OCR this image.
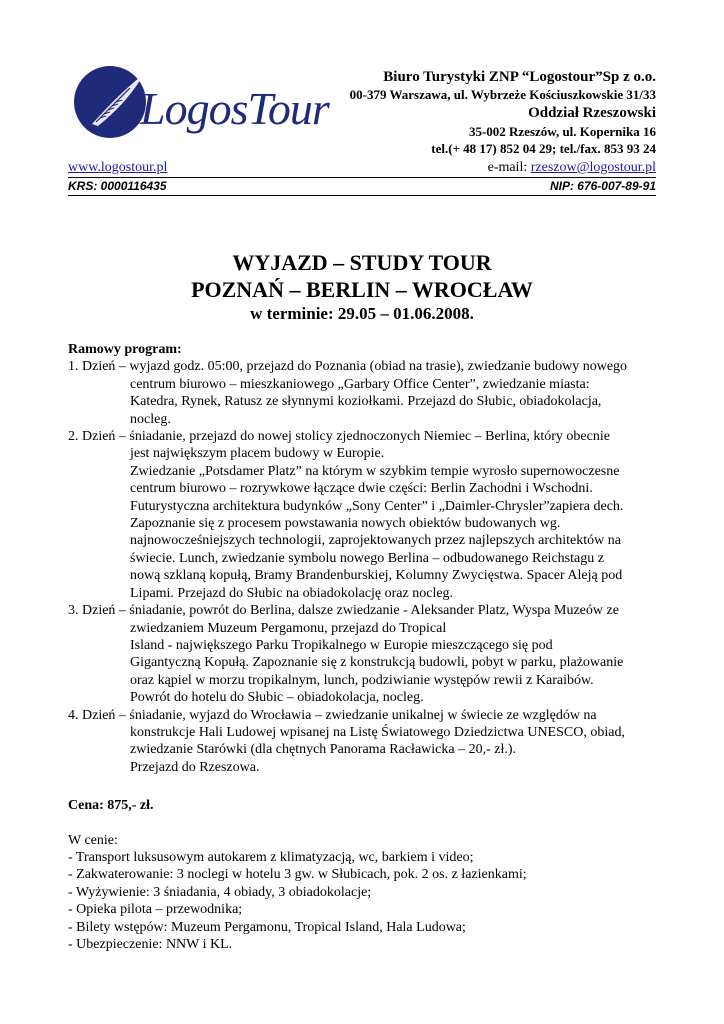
LogosTour
Biuro Turystyki ZNP “Logostour”Sp z o.o.
00-379 Warszawa, ul. Wybrzeże Kościuszkowskie 31/33
Oddział Rzeszowski
35-002 Rzeszów, ul. Kopernika 16
tel.(+ 48 17) 852 04 29; tel./fax. 853 93 24
www.logostour.pl	e-mail: rzeszow@logostour.pl
KRS: 0000116435	NIP: 676-007-89-91
WYJAZD – STUDY TOUR
POZNAŃ – BERLIN – WROCŁAW
w terminie: 29.05 – 01.06.2008.
Ramowy program:
1. Dzień – wyjazd godz. 05:00, przejazd do Poznania (obiad na trasie), zwiedzanie budowy nowego
centrum biurowo – mieszkaniowego „Garbary Office Center”, zwiedzanie miasta:
Katedra, Rynek, Ratusz ze słynnymi koziołkami. Przejazd do Słubic, obiadokolacja,
nocleg.
2. Dzień – śniadanie, przejazd do nowej stolicy zjednoczonych Niemiec – Berlina, który obecnie
jest największym placem budowy w Europie.
Zwiedzanie „Potsdamer Platz” na którym w szybkim tempie wyrosło supernowoczesne
centrum biurowo – rozrywkowe łączące dwie części: Berlin Zachodni i Wschodni.
Futurystyczna architektura budynków „Sony Center” i „Daimler-Chrysler”zapiera dech.
Zapoznanie się z procesem powstawania nowych obiektów budowanych wg.
najnowocześniejszych technologii, zaprojektowanych przez najlepszych architektów na
świecie. Lunch, zwiedzanie symbolu nowego Berlina – odbudowanego Reichstagu z
nową szklaną kopułą, Bramy Brandenburskiej, Kolumny Zwycięstwa. Spacer Aleją pod
Lipami. Przejazd do Słubic na obiadokolację oraz nocleg.
3. Dzień – śniadanie, powrót do Berlina, dalsze zwiedzanie - Aleksander Platz, Wyspa Muzeów ze
zwiedzaniem Muzeum Pergamonu, przejazd do Tropical
Island - największego Parku Tropikalnego w Europie mieszczącego się pod
Gigantyczną Kopułą. Zapoznanie się z konstrukcją budowli, pobyt w parku, plażowanie
oraz kąpiel w morzu tropikalnym, lunch, podziwianie występów rewii z Karaibów.
Powrót do hotelu do Słubic – obiadokolacja, nocleg.
4. Dzień – śniadanie, wyjazd do Wrocławia – zwiedzanie unikalnej w świecie ze względów na
konstrukcje Hali Ludowej wpisanej na Listę Światowego Dziedzictwa UNESCO, obiad,
zwiedzanie Starówki (dla chętnych Panorama Racławicka – 20,- zł.).
Przejazd do Rzeszowa.
Cena: 875,- zł.
W cenie:
- Transport luksusowym autokarem z klimatyzacją, wc, barkiem i video;
- Zakwaterowanie: 3 noclegi w hotelu 3 gw. w Słubicach, pok. 2 os. z łazienkami;
- Wyżywienie: 3 śniadania, 4 obiady, 3 obiadokolacje;
- Opieka pilota – przewodnika;
- Bilety wstępów: Muzeum Pergamonu, Tropical Island, Hala Ludowa;
- Ubezpieczenie: NNW i KL.
